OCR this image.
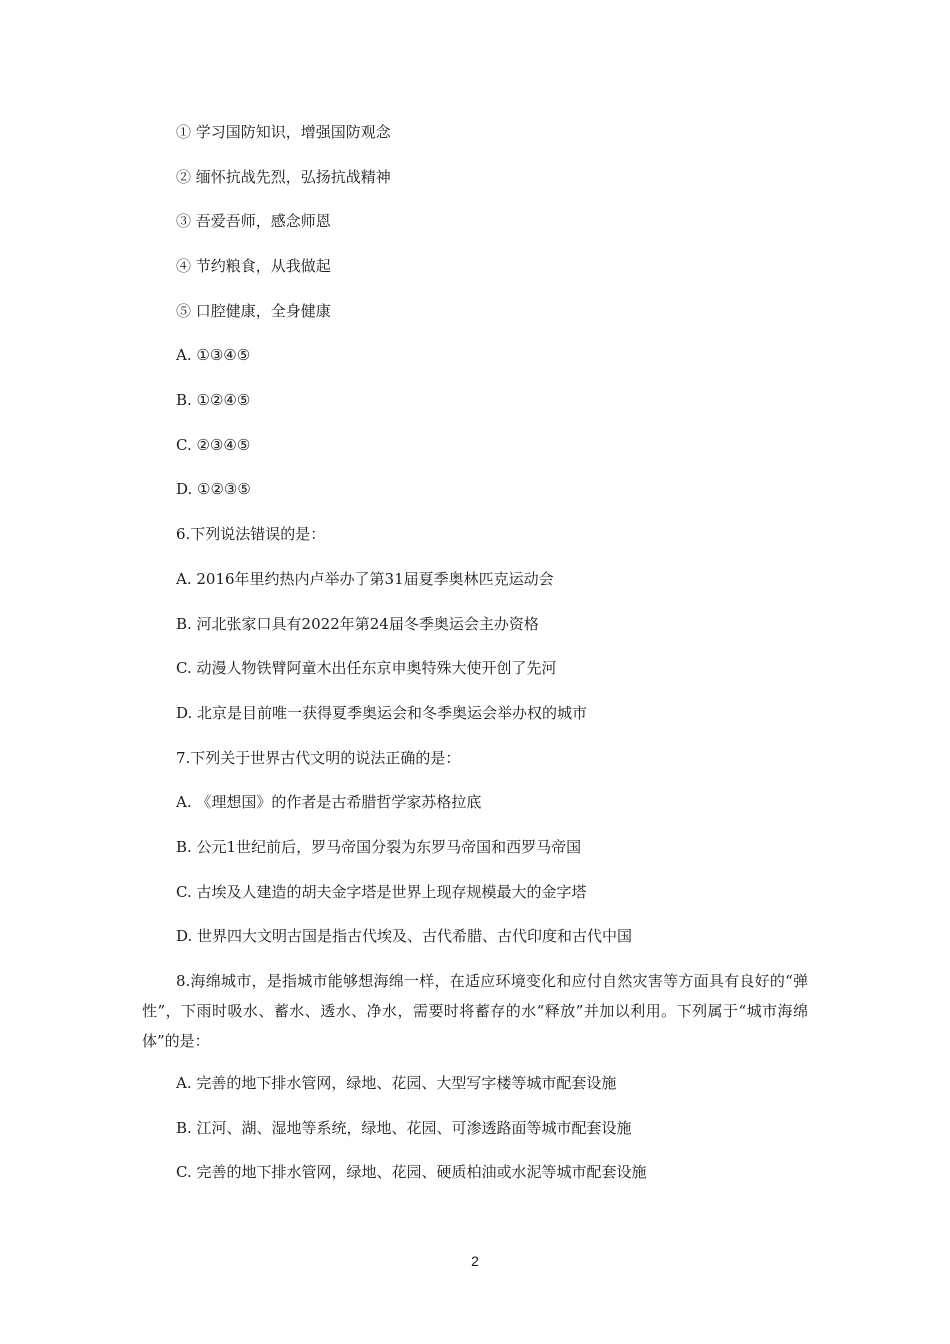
① 学习国防知识，增强国防观念
② 缅怀抗战先烈，弘扬抗战精神
③ 吾爱吾师，感念师恩
④ 节约粮食，从我做起
⑤ 口腔健康，全身健康
A. ①③④⑤
B. ①②④⑤
C. ②③④⑤
D. ①②③⑤
6.下列说法错误的是：
A. 2016年里约热内卢举办了第31届夏季奥林匹克运动会
B. 河北张家口具有2022年第24届冬季奥运会主办资格
C. 动漫人物铁臂阿童木出任东京申奥特殊大使开创了先河
D. 北京是目前唯一获得夏季奥运会和冬季奥运会举办权的城市
7.下列关于世界古代文明的说法正确的是：
A. 《理想国》的作者是古希腊哲学家苏格拉底
B. 公元1世纪前后，罗马帝国分裂为东罗马帝国和西罗马帝国
C. 古埃及人建造的胡夫金字塔是世界上现存规模最大的金字塔
D. 世界四大文明古国是指古代埃及、古代希腊、古代印度和古代中国
8.海绵城市，是指城市能够想海绵一样，在适应环境变化和应付自然灾害等方面具有良好的“弹性”，下雨时吸水、蓄水、透水、净水，需要时将蓄存的水“释放”并加以利用。下列属于“城市海绵体”的是：
A. 完善的地下排水管网，绿地、花园、大型写字楼等城市配套设施
B. 江河、湖、湿地等系统，绿地、花园、可渗透路面等城市配套设施
C. 完善的地下排水管网，绿地、花园、硬质柏油或水泥等城市配套设施
2
